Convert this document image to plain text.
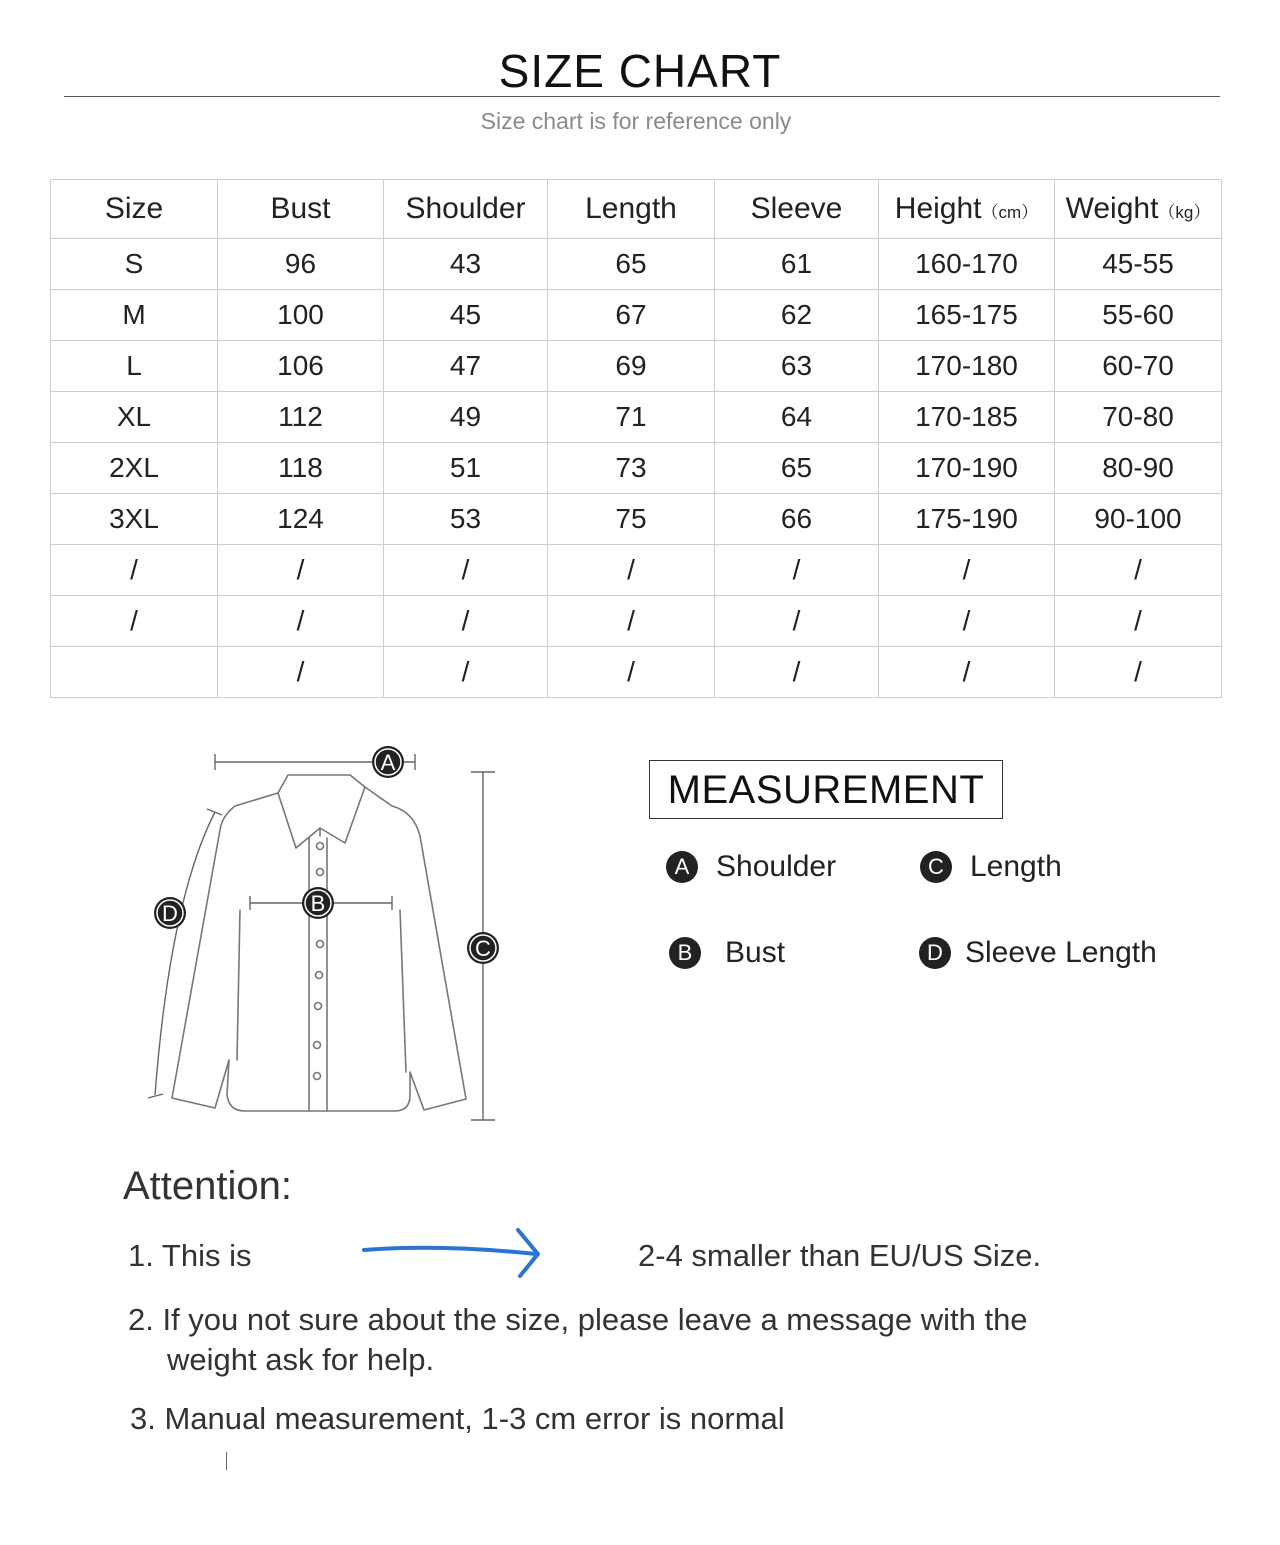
SIZE CHART
Size chart is for reference only
Size	Bust	Shoulder	Length	Sleeve	Height（cm）	Weight（kg）
S	96	43	65	61	160-170	45-55
M	100	45	67	62	165-175	55-60
L	106	47	69	63	170-180	60-70
XL	112	49	71	64	170-185	70-80
2XL	118	51	73	65	170-190	80-90
3XL	124	53	75	66	175-190	90-100
/	/	/	/	/	/	/
/	/	/	/	/	/	/
	/	/	/	/	/	/
A
B
C
D
MEASUREMENT
A Shoulder	C Length
B Bust	D Sleeve Length
Attention:
1. This is	2-4 smaller than EU/US Size.
2. If you not sure about the size, please leave a message with the
weight ask for help.
3. Manual measurement, 1-3 cm error is normal
